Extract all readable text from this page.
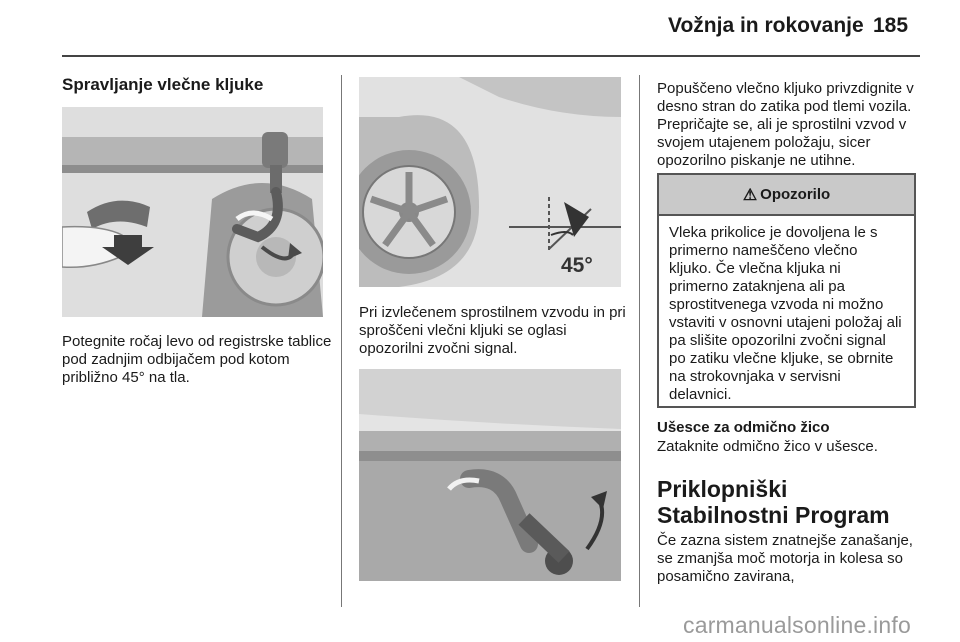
Vožnja in rokovanje 185
Spravljanje vlečne kljuke
Potegnite ročaj levo od registrske tablice pod zadnjim odbijačem pod kotom približno 45° na tla.
45°
Pri izvlečenem sprostilnem vzvodu in pri sproščeni vlečni kljuki se oglasi opozorilni zvočni signal.
Popuščeno vlečno kljuko privzdignite v desno stran do zatika pod tlemi vozila. Prepričajte se, ali je sprostilni vzvod v svojem utajenem položaju, sicer opozorilno piskanje ne utihne.
⚠ Opozorilo
Vleka prikolice je dovoljena le s primerno nameščeno vlečno kljuko. Če vlečna kljuka ni primerno zataknjena ali pa sprostitvenega vzvoda ni možno vstaviti v osnovni utajeni položaj ali pa slišite opozorilni zvočni signal po zatiku vlečne kljuke, se obrnite na strokovnjaka v servisni delavnici.
Ušesce za odmično žico
Zataknite odmično žico v ušesce.
Priklopniški Stabilnostni Program
Če zazna sistem znatnejše zanašanje, se zmanjša moč motorja in kolesa so posamično zavirana,
carmanualsonline.info
